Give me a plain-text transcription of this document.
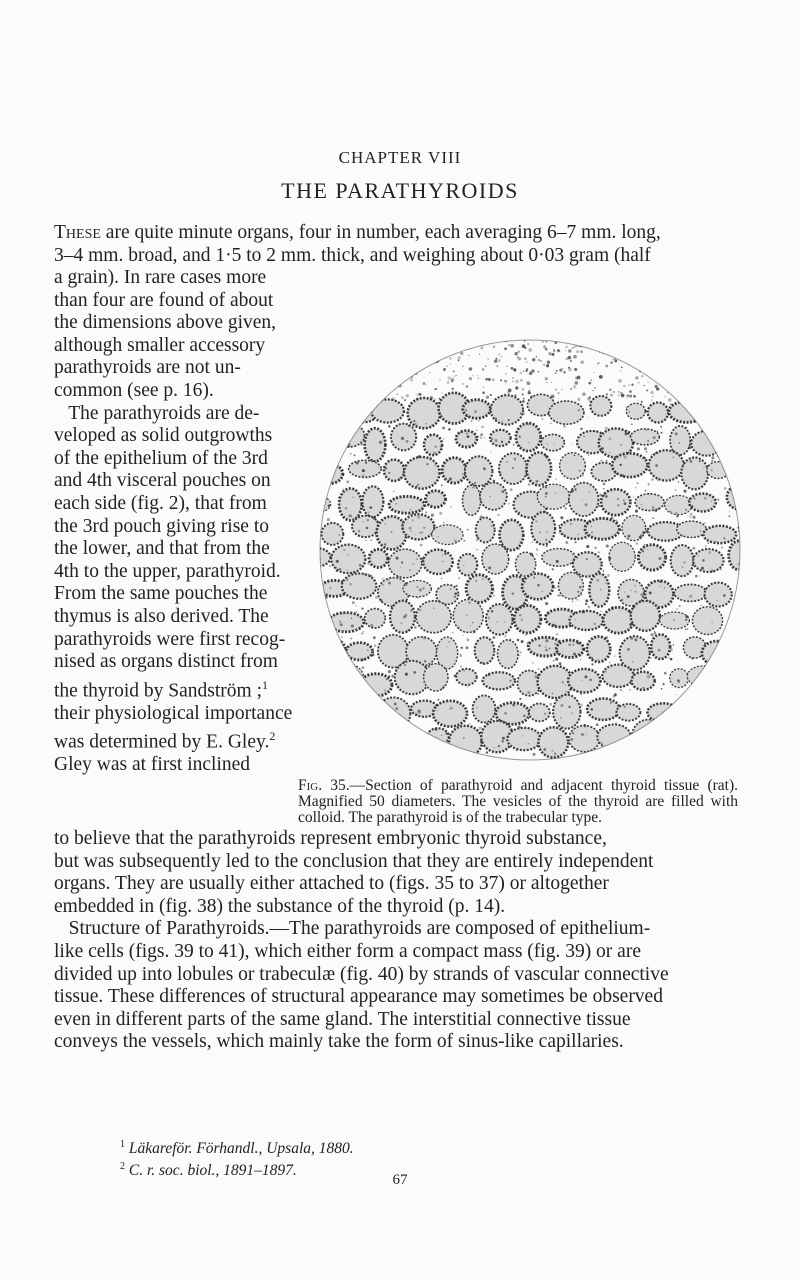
CHAPTER VIII
THE PARATHYROIDS
These are quite minute organs, four in number, each averaging 6–7 mm. long,
3–4 mm. broad, and 1·5 to 2 mm. thick, and weighing about 0·03 gram (half
a grain). In rare cases more
than four are found of about
the dimensions above given,
although smaller accessory
parathyroids are not un-
common (see p. 16).
The parathyroids are de-
veloped as solid outgrowths
of the epithelium of the 3rd
and 4th visceral pouches on
each side (fig. 2), that from
the 3rd pouch giving rise to
the lower, and that from the
4th to the upper, parathyroid.
From the same pouches the
thymus is also derived. The
parathyroids were first recog-
nised as organs distinct from
the thyroid by Sandström ;$^1$
their physiological importance
was determined by E. Gley.$^2$
Gley was at first inclined
Fig. 35.—Section of parathyroid and adjacent thyroid tissue (rat). Magnified 50 diameters. The vesicles of the thyroid are filled with colloid. The parathyroid is of the trabecular type.
to believe that the parathyroids represent embryonic thyroid substance,
but was subsequently led to the conclusion that they are entirely independent
organs. They are usually either attached to (figs. 35 to 37) or altogether
embedded in (fig. 38) the substance of the thyroid (p. 14).
Structure of Parathyroids.—The parathyroids are composed of epithelium-
like cells (figs. 39 to 41), which either form a compact mass (fig. 39) or are
divided up into lobules or trabeculæ (fig. 40) by strands of vascular connective
tissue. These differences of structural appearance may sometimes be observed
even in different parts of the same gland. The interstitial connective tissue
conveys the vessels, which mainly take the form of sinus-like capillaries.
$^1$ Läkareför. Förhandl., Upsala, 1880.
$^2$ C. r. soc. biol., 1891–1897.
67
